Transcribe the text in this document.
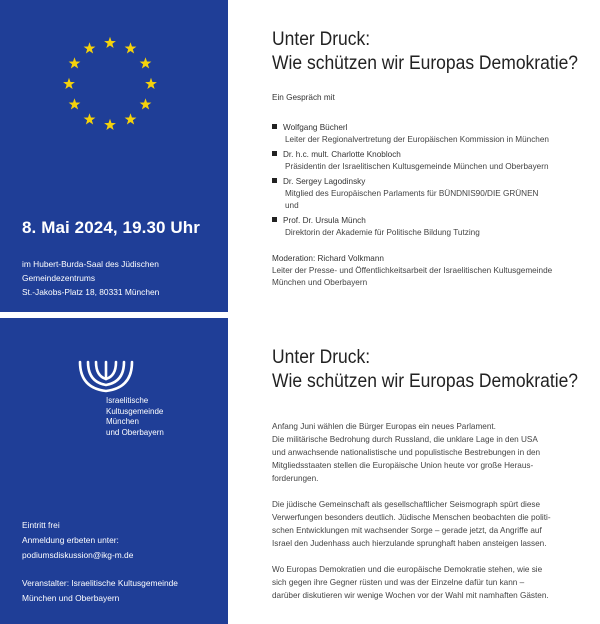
8. Mai 2024, 19.30 Uhr
im Hubert-Burda-Saal des Jüdischen Gemeindezentrums
St.-Jakobs-Platz 18, 80331 München
Israelitische
Kultusgemeinde
München
und Oberbayern
Eintritt frei
Anmeldung erbeten unter:
podiumsdiskussion@ikg-m.de
Veranstalter: Israelitische Kultusgemeinde
München und Oberbayern
Unter Druck:
Wie schützen wir Europas Demokratie?
Ein Gespräch mit
Wolfgang Bücherl
Leiter der Regionalvertretung der Europäischen Kommission in München
Dr. h.c. mult. Charlotte Knobloch
Präsidentin der Israelitischen Kultusgemeinde München und Oberbayern
Dr. Sergey Lagodinsky
Mitglied des Europäischen Parlaments für BÜNDNIS90/DIE GRÜNEN
und
Prof. Dr. Ursula Münch
Direktorin der Akademie für Politische Bildung Tutzing
Moderation: Richard Volkmann
Leiter der Presse- und Öffentlichkeitsarbeit der Israelitischen Kultusgemeinde
München und Oberbayern
Unter Druck:
Wie schützen wir Europas Demokratie?

Anfang Juni wählen die Bürger Europas ein neues Parlament.
Die militärische Bedrohung durch Russland, die unklare Lage in den USA
und anwachsende nationalistische und populistische Bestrebungen in den
Mitgliedsstaaten stellen die Europäische Union heute vor große Heraus-
forderungen.

Die jüdische Gemeinschaft als gesellschaftlicher Seismograph spürt diese
Verwerfungen besonders deutlich. Jüdische Menschen beobachten die politi-
schen Entwicklungen mit wachsender Sorge – gerade jetzt, da Angriffe auf
Israel den Judenhass auch hierzulande sprunghaft haben ansteigen lassen.

Wo Europas Demokratien und die europäische Demokratie stehen, wie sie
sich gegen ihre Gegner rüsten und was der Einzelne dafür tun kann –
darüber diskutieren wir wenige Wochen vor der Wahl mit namhaften Gästen.
